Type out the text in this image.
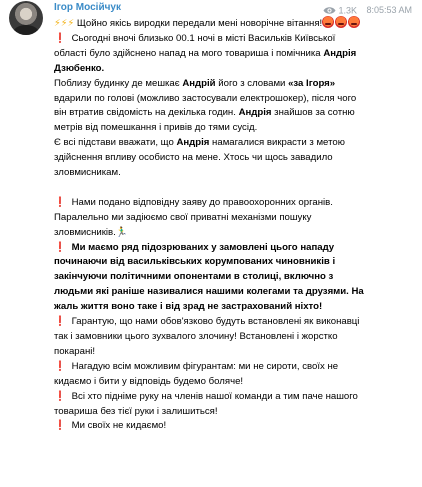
Ігор Мосійчук	1.3K 8:05:53 AM

⚡⚡⚡ Щойно якісь виродки передали мені новорічне вітання!

❗ Сьогодні вночі близько 00.1 ночі в місті Васильків Київської області було здійснено напад на мого товариша і помічника Андрія Дзюбенко.

Поблизу будинку де мешкає Андрій його з словами «за Ігоря» вдарили по голові (можливо застосували електрошокер), після чого він втратив свідомість на декілька годин. Андрія знайшов за сотню метрів від помешкання і привів до тями сусід.

Є всі підстави вважати, що Андрія намагалися викрасти з метою здійснення впливу особисто на мене. Хтось чи щось завадило зловмисникам.

❗ Нами подано відповідну заяву до правоохоронних органів. Паралельно ми задіюємо свої приватні механізми пошуку зловмисників.🏃‍♂️

❗ Ми маємо ряд підозрюваних у замовлені цього нападу починаючи від васильківських корумпованих чиновників і закінчуючи політичними опонентами в столиці, включно з людьми які раніше називалися нашими колегами та друзями. На жаль життя воно таке і від зрад не застрахований ніхто!

❗ Гарантую, що нами обов'язково будуть встановлені як виконавці так і замовники цього зухвалого злочину! Встановлені і жорстко покарані!

❗ Нагадую всім можливим фігурантам: ми не сироти, своїх не кидаємо і бити у відповідь будемо боляче!

❗ Всі хто підніме руку на членів нашої команди а тим паче нашого товариша без тієї руки і залишиться!

❗ Ми своїх не кидаємо!
